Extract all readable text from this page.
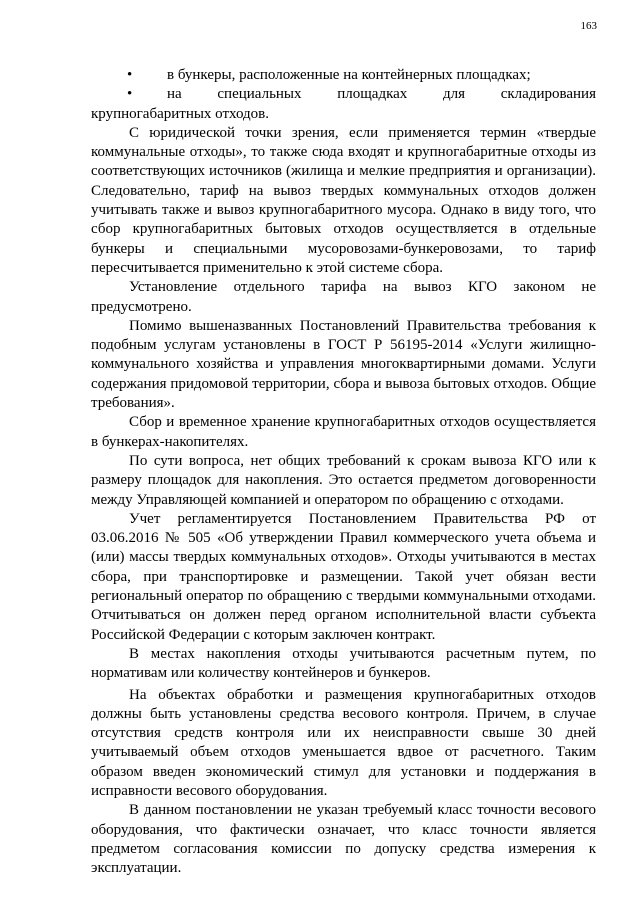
163
•	в бункеры, расположенные на контейнерных площадках;
•	на специальных площадках для складирования

крупногабаритных отходов.

С юридической точки зрения, если применяется термин «твердые коммунальные отходы», то также сюда входят и крупногабаритные отходы из соответствующих источников (жилища и мелкие предприятия и организации). Следовательно, тариф на вывоз твердых коммунальных отходов должен учитывать также и вывоз крупногабаритного мусора. Однако в виду того, что сбор крупногабаритных бытовых отходов осуществляется в отдельные бункеры и специальными мусоровозами-бункеровозами, то тариф пересчитывается применительно к этой системе сбора.

Установление отдельного тарифа на вывоз КГО законом не предусмотрено.

Помимо вышеназванных Постановлений Правительства требования к подобным услугам установлены в ГОСТ Р 56195-2014 «Услуги жилищно-коммунального хозяйства и управления многоквартирными домами. Услуги содержания придомовой территории, сбора и вывоза бытовых отходов. Общие требования».

Сбор и временное хранение крупногабаритных отходов осуществляется в бункерах-накопителях.

По сути вопроса, нет общих требований к срокам вывоза КГО или к размеру площадок для накопления. Это остается предметом договоренности между Управляющей компанией и оператором по обращению с отходами.

Учет регламентируется Постановлением Правительства РФ от 03.06.2016 № 505 «Об утверждении Правил коммерческого учета объема и (или) массы твердых коммунальных отходов». Отходы учитываются в местах сбора, при транспортировке и размещении. Такой учет обязан вести региональный оператор по обращению с твердыми коммунальными отходами. Отчитываться он должен перед органом исполнительной власти субъекта Российской Федерации с которым заключен контракт.

В местах накопления отходы учитываются расчетным путем, по нормативам или количеству контейнеров и бункеров.

На объектах обработки и размещения крупногабаритных отходов должны быть установлены средства весового контроля. Причем, в случае отсутствия средств контроля или их неисправности свыше 30 дней учитываемый объем отходов уменьшается вдвое от расчетного. Таким образом введен экономический стимул для установки и поддержания в исправности весового оборудования.

В данном постановлении не указан требуемый класс точности весового оборудования, что фактически означает, что класс точности является предметом согласования комиссии по допуску средства измерения к эксплуатации.
